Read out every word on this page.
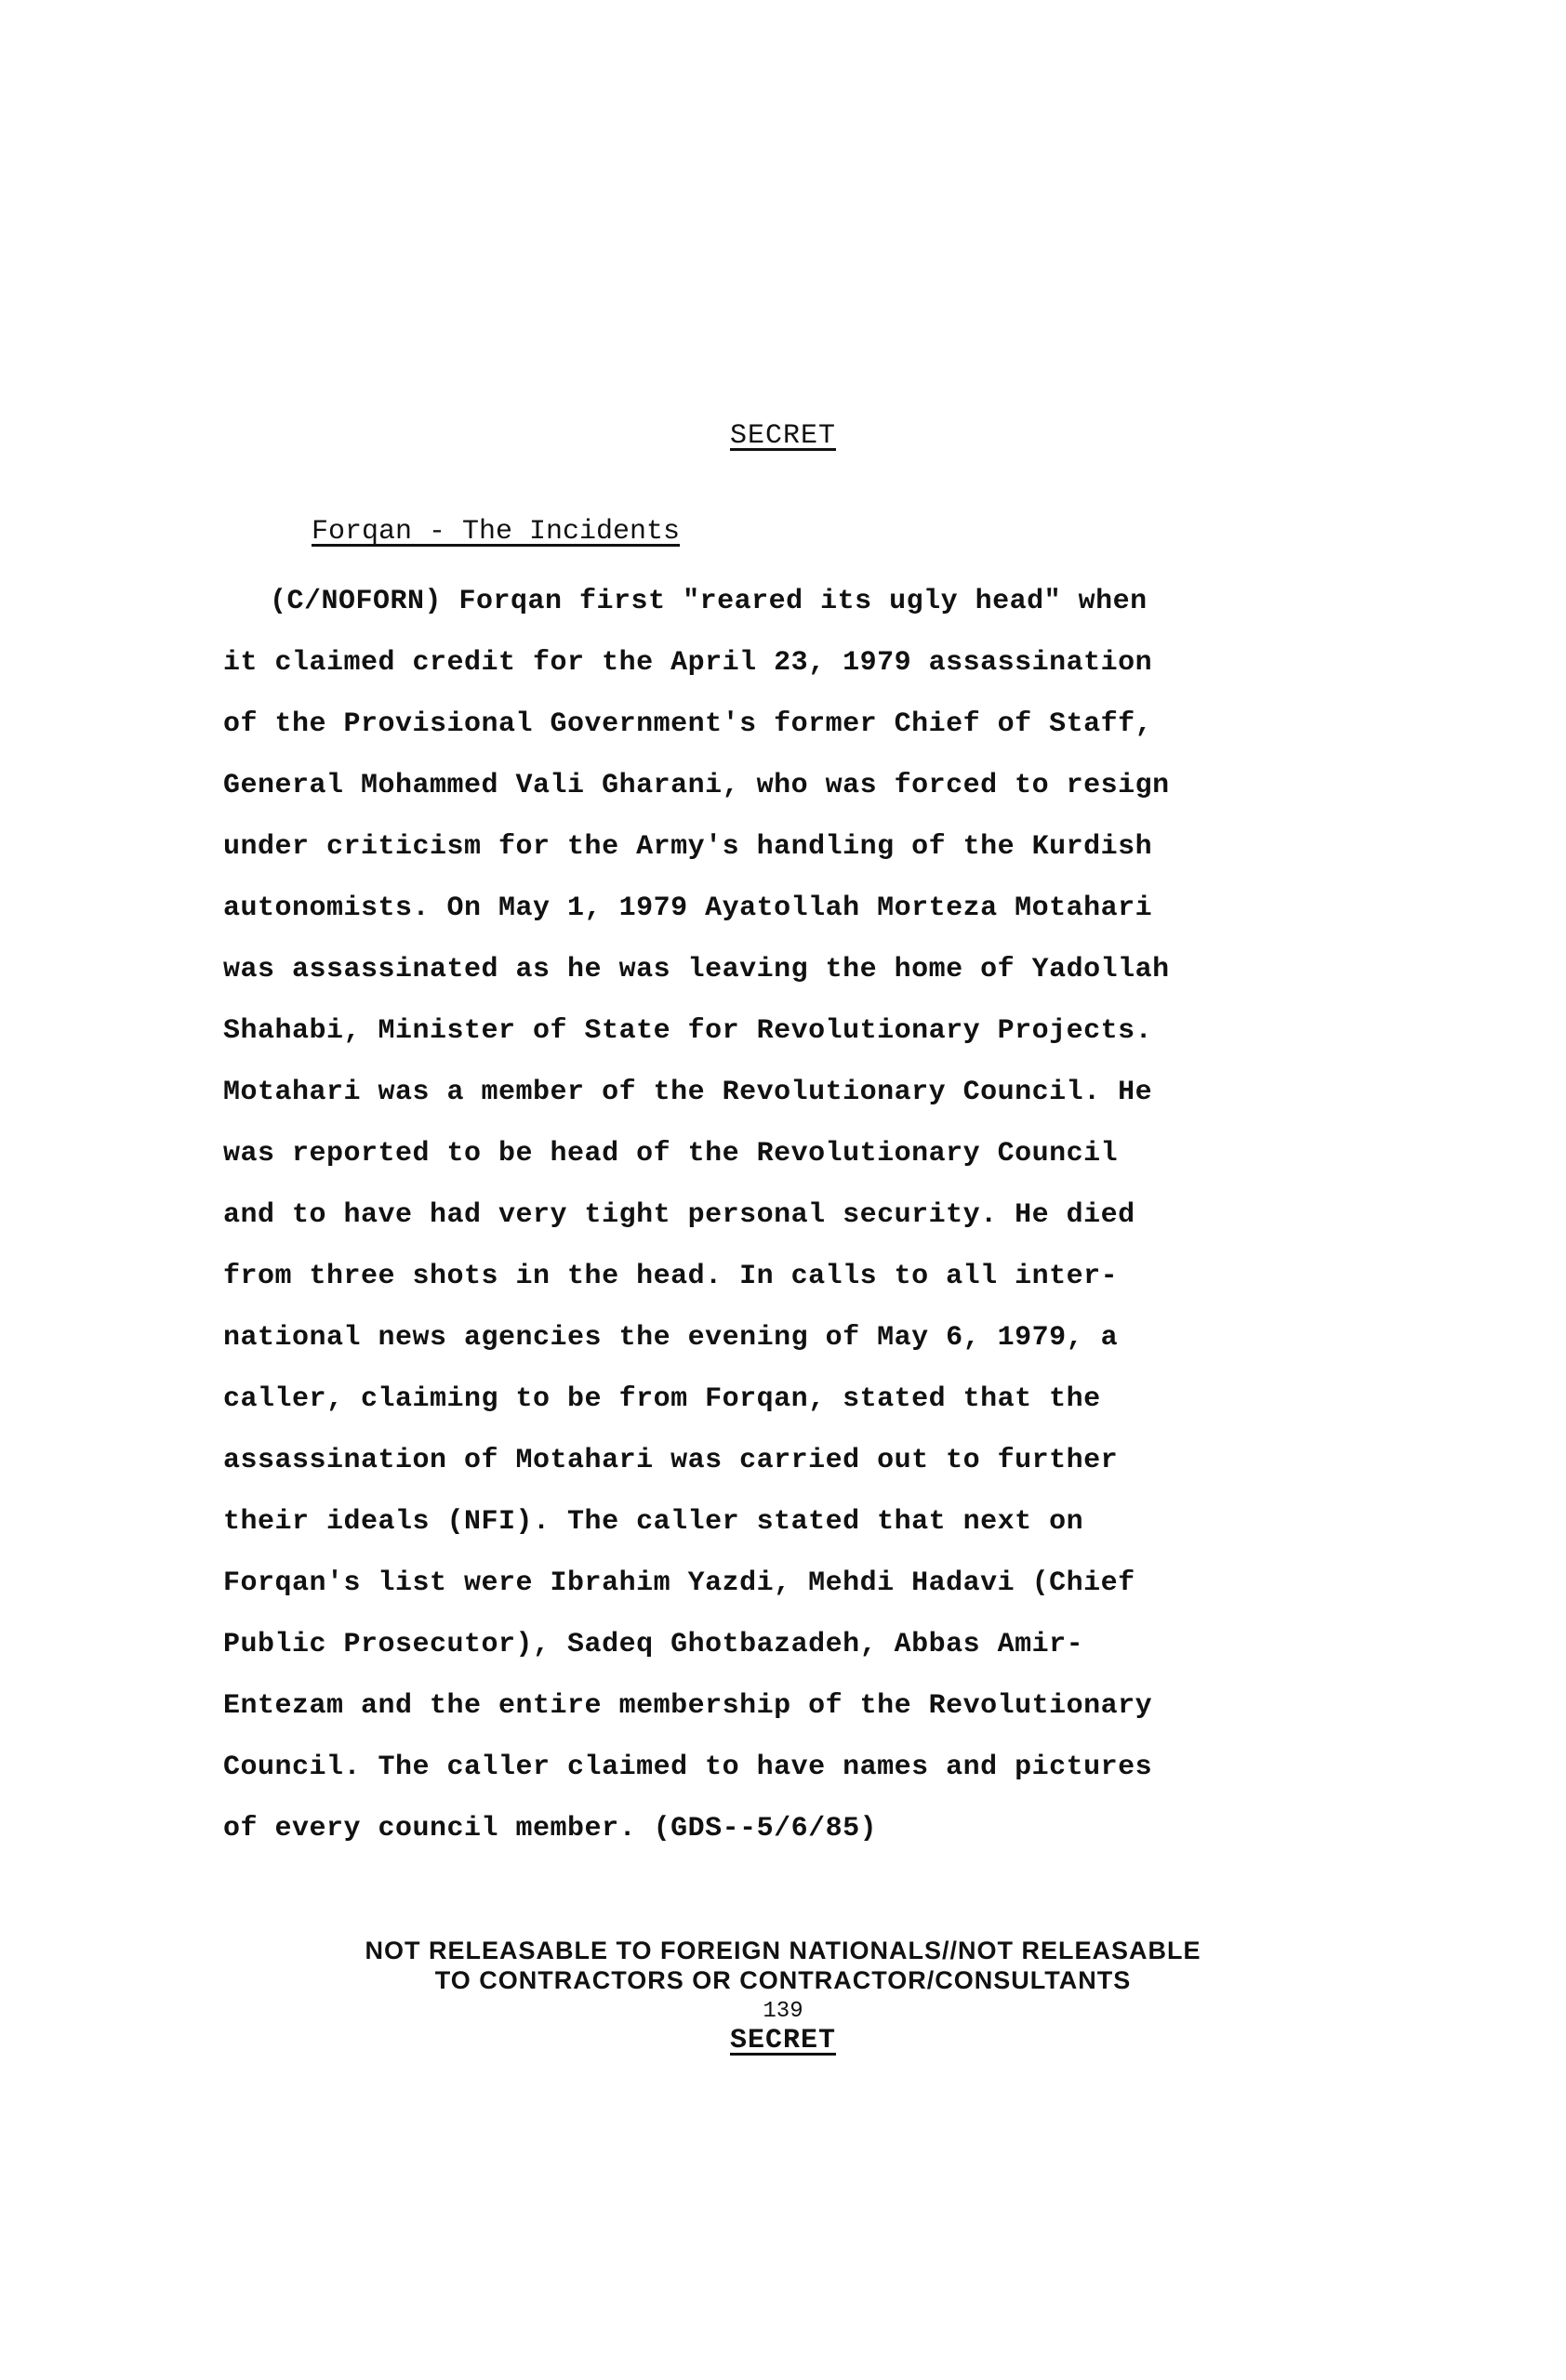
SECRET
Forqan - The Incidents
(C/NOFORN) Forqan first "reared its ugly head" when
it claimed credit for the April 23, 1979 assassination
of the Provisional Government's former Chief of Staff,
General Mohammed Vali Gharani, who was forced to resign
under criticism for the Army's handling of the Kurdish
autonomists. On May 1, 1979 Ayatollah Morteza Motahari
was assassinated as he was leaving the home of Yadollah
Shahabi, Minister of State for Revolutionary Projects.
Motahari was a member of the Revolutionary Council. He
was reported to be head of the Revolutionary Council
and to have had very tight personal security. He died
from three shots in the head. In calls to all inter-
national news agencies the evening of May 6, 1979, a
caller, claiming to be from Forqan, stated that the
assassination of Motahari was carried out to further
their ideals (NFI). The caller stated that next on
Forqan's list were Ibrahim Yazdi, Mehdi Hadavi (Chief
Public Prosecutor), Sadeq Ghotbazadeh, Abbas Amir-
Entezam and the entire membership of the Revolutionary
Council. The caller claimed to have names and pictures
of every council member. (GDS--5/6/85)
NOT RELEASABLE TO FOREIGN NATIONALS//NOT RELEASABLE
TO CONTRACTORS OR CONTRACTOR/CONSULTANTS
139
SECRET
